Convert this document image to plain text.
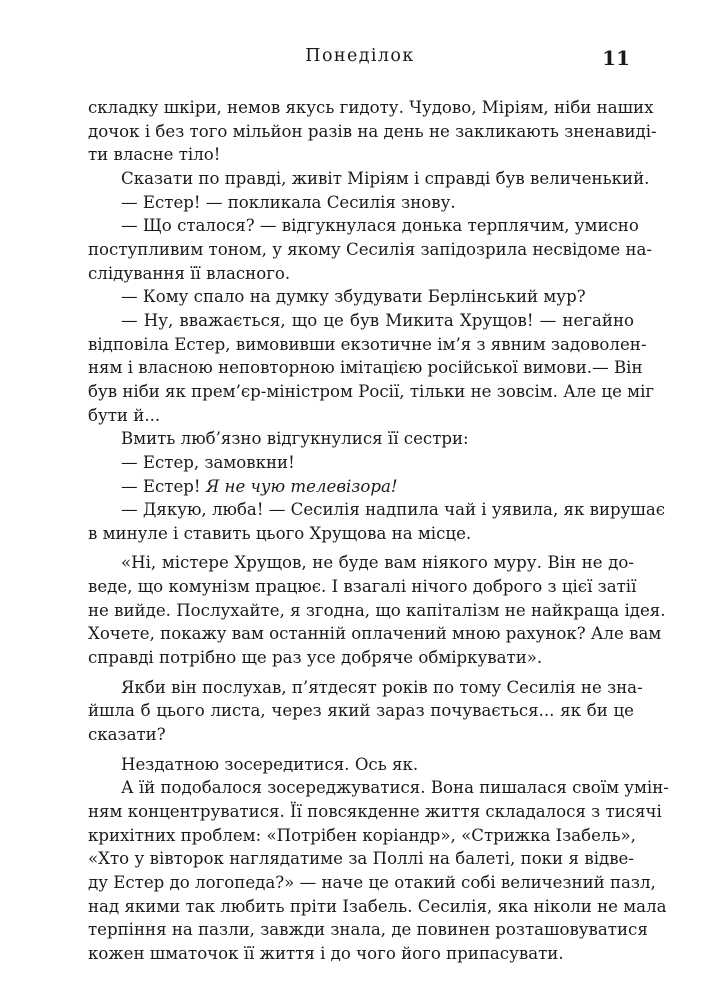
Понеділок	11
складку шкіри, немов якусь гидоту. Чудово, Міріям, ніби наших
дочок і без того мільйон разів на день не закликають зненавиді-
ти власне тіло!
Сказати по правді, живіт Міріям і справді був величенький.
— Естер! — покликала Сесилія знову.
— Що сталося? — відгукнулася донька терплячим, умисно
поступливим тоном, у якому Сесилія запідозрила несвідоме на-
слідування її власного.
— Кому спало на думку збудувати Берлінський мур?
— Ну, вважається, що це був Микита Хрущов! — негайно
відповіла Естер, вимовивши екзотичне ім’я з явним задоволен-
ням і власною неповторною імітацією російської вимови.— Він
був ніби як прем’єр-міністром Росії, тільки не зовсім. Але це міг
бути й...
Вмить люб’язно відгукнулися її сестри:
— Естер, замовкни!
— Естер! Я не чую телевізора!
— Дякую, люба! — Сесилія надпила чай і уявила, як вирушає
в минуле і ставить цього Хрущова на місце.
«Ні, містере Хрущов, не буде вам ніякого муру. Він не до-
веде, що комунізм працює. І взагалі нічого доброго з цієї затії
не вийде. Послухайте, я згодна, що капіталізм не найкраща ідея.
Хочете, покажу вам останній оплачений мною рахунок? Але вам
справді потрібно ще раз усе добряче обміркувати».
Якби він послухав, п’ятдесят років по тому Сесилія не зна-
йшла б цього листа, через який зараз почувається... як би це
сказати?
Нездатною зосередитися. Ось як.
А їй подобалося зосереджуватися. Вона пишалася своїм умін-
ням концентруватися. Її повсякденне життя складалося з тисячі
крихітних проблем: «Потрібен коріандр», «Стрижка Ізабель»,
«Хто у вівторок наглядатиме за Поллі на балеті, поки я відве-
ду Естер до логопеда?» — наче це отакий собі величезний пазл,
над якими так любить пріти Ізабель. Сесилія, яка ніколи не мала
терпіння на пазли, завжди знала, де повинен розташовуватися
кожен шматочок її життя і до чого його припасувати.
